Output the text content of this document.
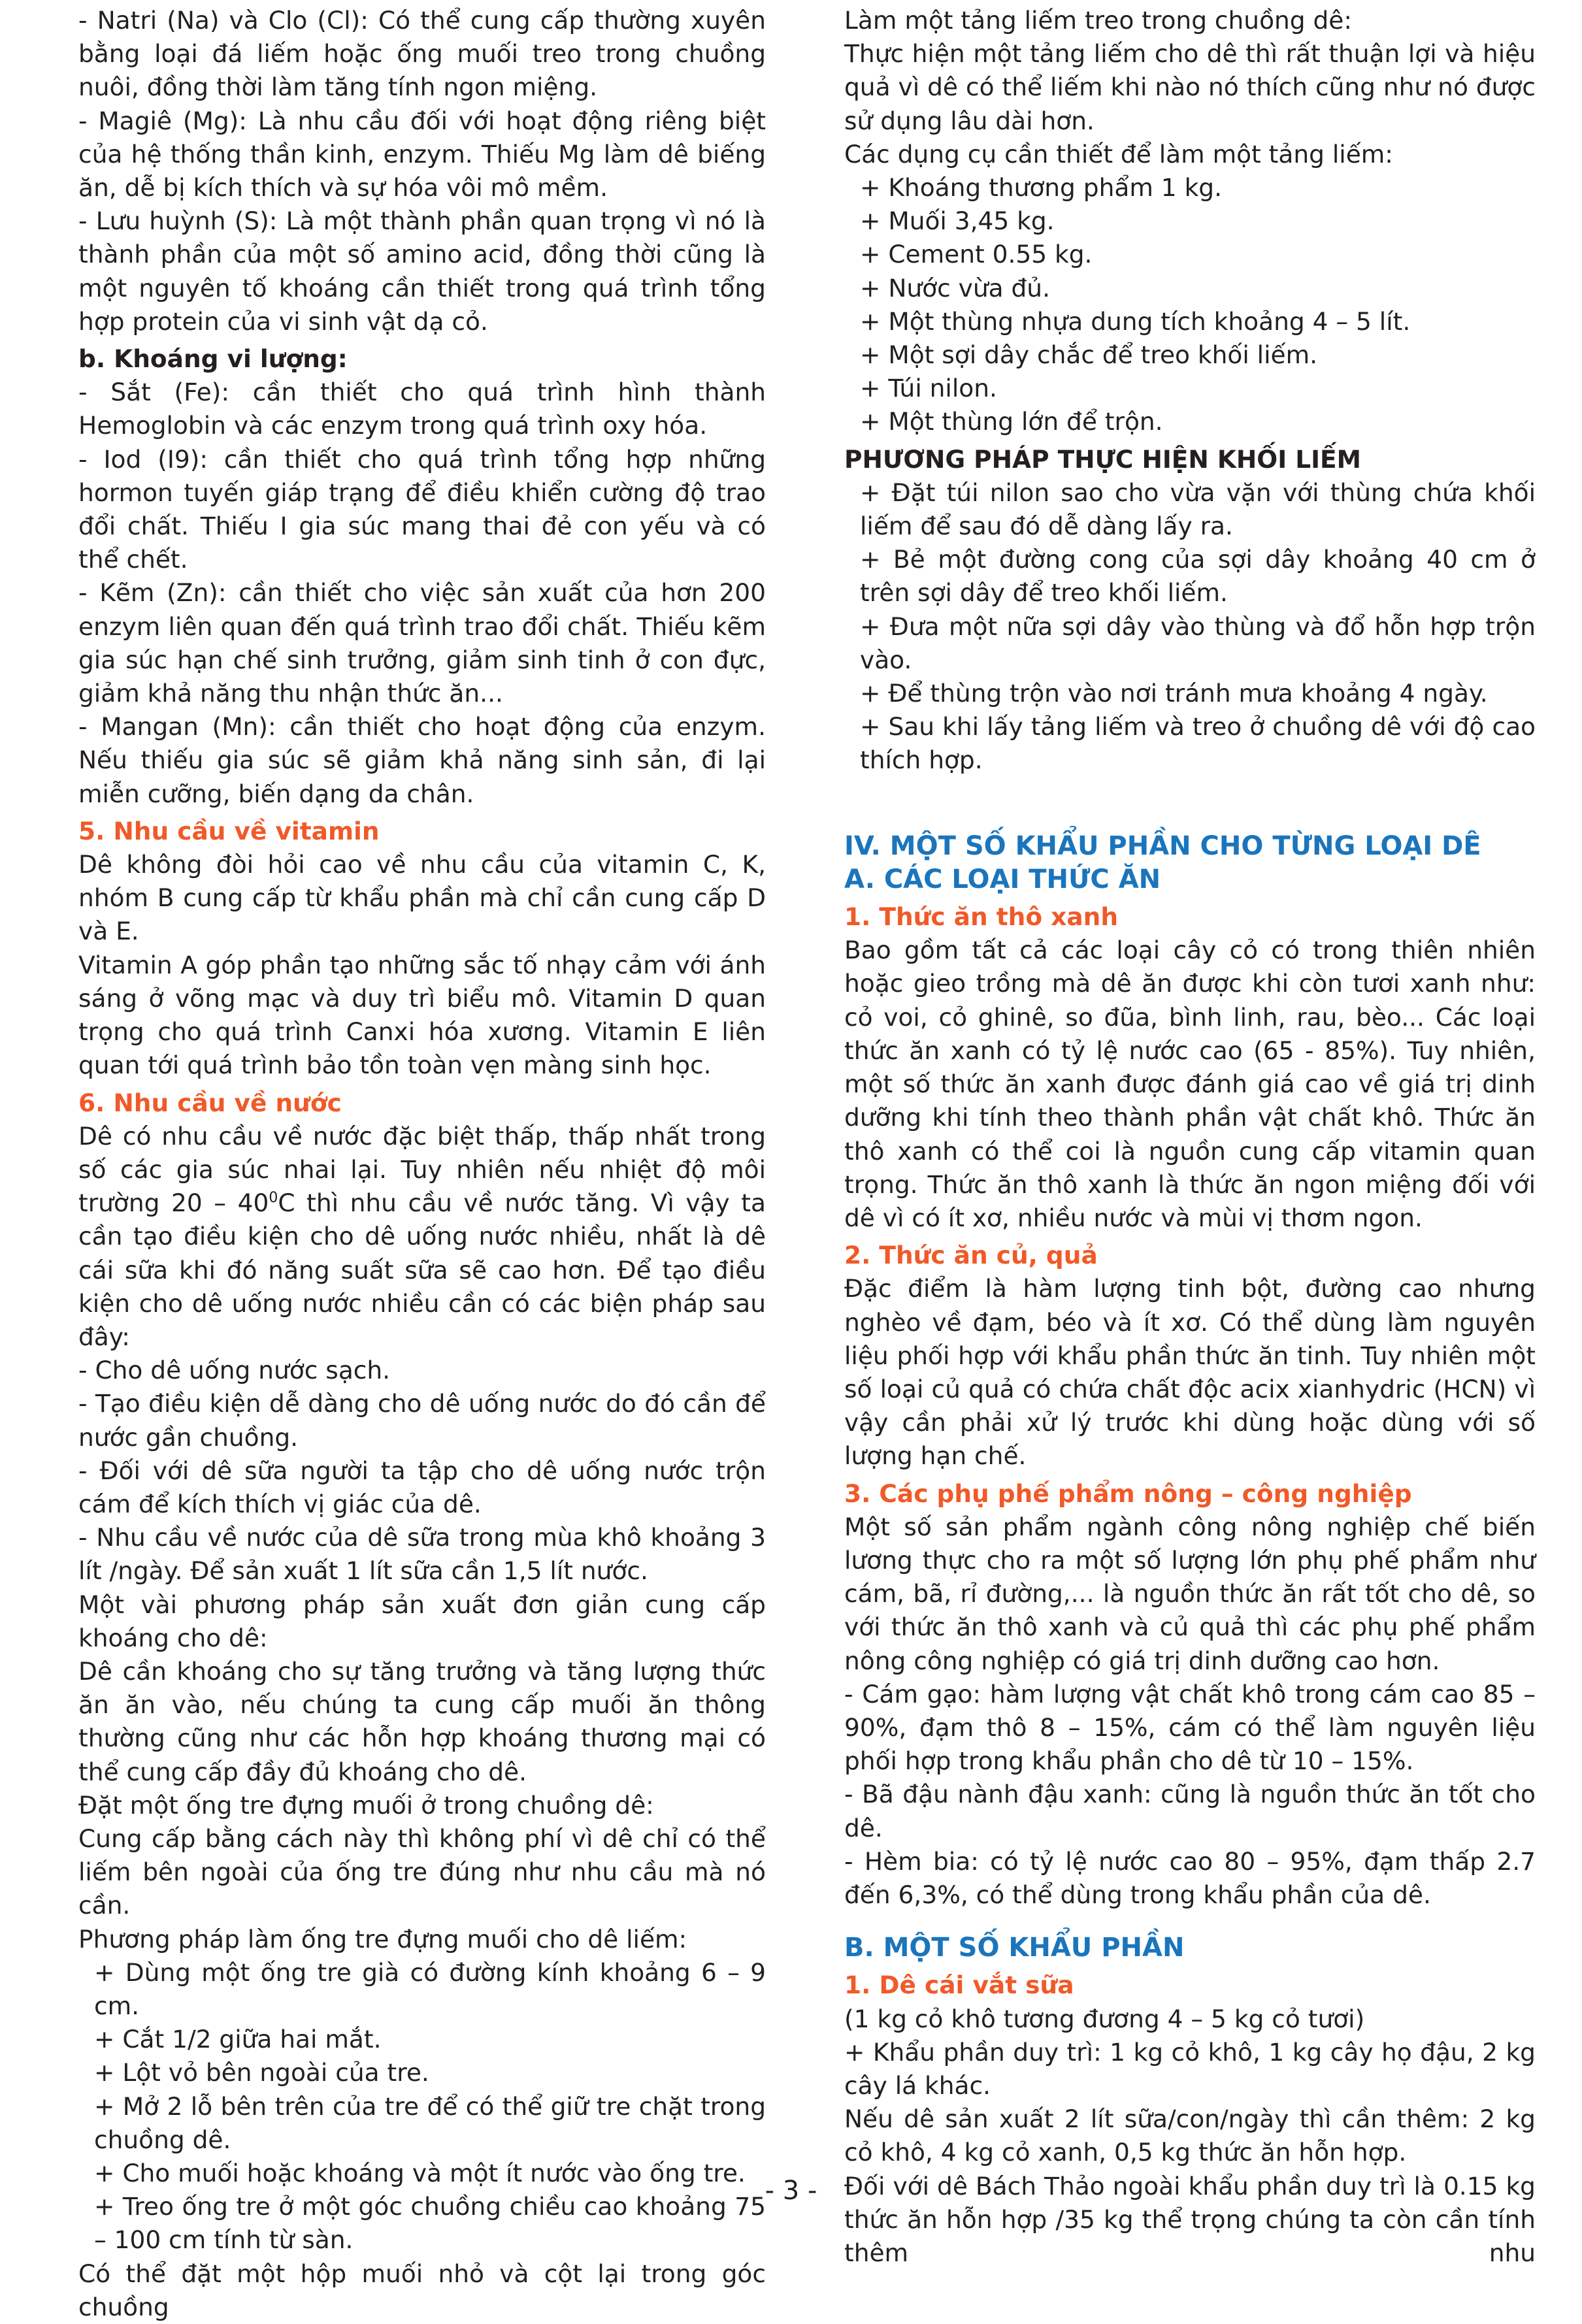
- Natri (Na) và Clo (Cl): Có thể cung cấp thường xuyên bằng loại đá liếm hoặc ống muối treo trong chuồng nuôi, đồng thời làm tăng tính ngon miệng.

- Magiê (Mg): Là nhu cầu đối với hoạt động riêng biệt của hệ thống thần kinh, enzym. Thiếu Mg làm dê biếng ăn, dễ bị kích thích và sự hóa vôi mô mềm.

- Lưu huỳnh (S): Là một thành phần quan trọng vì nó là thành phần của một số amino acid, đồng thời cũng là một nguyên tố khoáng cần thiết trong quá trình tổng hợp protein của vi sinh vật dạ cỏ.

b. Khoáng vi lượng:

- Sắt (Fe): cần thiết cho quá trình hình thành Hemoglobin và các enzym trong quá trình oxy hóa.

- Iod (I9): cần thiết cho quá trình tổng hợp những hormon tuyến giáp trạng để điều khiển cường độ trao đổi chất. Thiếu I gia súc mang thai đẻ con yếu và có thể chết.

- Kẽm (Zn): cần thiết cho việc sản xuất của hơn 200 enzym liên quan đến quá trình trao đổi chất. Thiếu kẽm gia súc hạn chế sinh trưởng, giảm sinh tinh ở con đực, giảm khả năng thu nhận thức ăn...

- Mangan (Mn): cần thiết cho hoạt động của enzym. Nếu thiếu gia súc sẽ giảm khả năng sinh sản, đi lại miễn cưỡng, biến dạng da chân.

5. Nhu cầu về vitamin

Dê không đòi hỏi cao về nhu cầu của vitamin C, K, nhóm B cung cấp từ khẩu phần mà chỉ cần cung cấp D và E.

Vitamin A góp phần tạo những sắc tố nhạy cảm với ánh sáng ở võng mạc và duy trì biểu mô. Vitamin D quan trọng cho quá trình Canxi hóa xương. Vitamin E liên quan tới quá trình bảo tồn toàn vẹn màng sinh học.

6. Nhu cầu về nước

Dê có nhu cầu về nước đặc biệt thấp, thấp nhất trong số các gia súc nhai lại. Tuy nhiên nếu nhiệt độ môi trường $20 - 40^0C$ thì nhu cầu về nước tăng. Vì vậy ta cần tạo điều kiện cho dê uống nước nhiều, nhất là dê cái sữa khi đó năng suất sữa sẽ cao hơn. Để tạo điều kiện cho dê uống nước nhiều cần có các biện pháp sau đây:

- Cho dê uống nước sạch.

- Tạo điều kiện dễ dàng cho dê uống nước do đó cần để nước gần chuồng.

- Đối với dê sữa người ta tập cho dê uống nước trộn cám để kích thích vị giác của dê.

- Nhu cầu về nước của dê sữa trong mùa khô khoảng 3 lít /ngày. Để sản xuất 1 lít sữa cần 1,5 lít nước.

Một vài phương pháp sản xuất đơn giản cung cấp khoáng cho dê:

Dê cần khoáng cho sự tăng trưởng và tăng lượng thức ăn ăn vào, nếu chúng ta cung cấp muối ăn thông thường cũng như các hỗn hợp khoáng thương mại có thể cung cấp đầy đủ khoáng cho dê.

Đặt một ống tre đựng muối ở trong chuồng dê:

Cung cấp bằng cách này thì không phí vì dê chỉ có thể liếm bên ngoài của ống tre đúng như nhu cầu mà nó cần.

Phương pháp làm ống tre đựng muối cho dê liếm:

+ Dùng một ống tre già có đường kính khoảng 6 – 9 cm.

+ Cắt 1/2 giữa hai mắt.

+ Lột vỏ bên ngoài của tre.

+ Mở 2 lỗ bên trên của tre để có thể giữ tre chặt trong chuồng dê.

+ Cho muối hoặc khoáng và một ít nước vào ống tre.

+ Treo ống tre ở một góc chuồng chiều cao khoảng 75 – 100 cm tính từ sàn.

Có thể đặt một hộp muối nhỏ và cột lại trong góc chuồng

Làm một tảng liếm treo trong chuồng dê:

Thực hiện một tảng liếm cho dê thì rất thuận lợi và hiệu quả vì dê có thể liếm khi nào nó thích cũng như nó được sử dụng lâu dài hơn.

Các dụng cụ cần thiết để làm một tảng liếm:

+ Khoáng thương phẩm 1 kg.

+ Muối 3,45 kg.

+ Cement 0.55 kg.

+ Nước vừa đủ.

+ Một thùng nhựa dung tích khoảng 4 – 5 lít.

+ Một sợi dây chắc để treo khối liếm.

+ Túi nilon.

+ Một thùng lớn để trộn.

PHƯƠNG PHÁP THỰC HIỆN KHỐI LIẾM

+ Đặt túi nilon sao cho vừa vặn với thùng chứa khối liếm để sau đó dễ dàng lấy ra.

+ Bẻ một đường cong của sợi dây khoảng 40 cm ở trên sợi dây để treo khối liếm.

+ Đưa một nữa sợi dây vào thùng và đổ hỗn hợp trộn vào.

+ Để thùng trộn vào nơi tránh mưa khoảng 4 ngày.

+ Sau khi lấy tảng liếm và treo ở chuồng dê với độ cao thích hợp.

IV. MỘT SỐ KHẨU PHẦN CHO TỪNG LOẠI DÊ

A. CÁC LOẠI THỨC ĂN

1. Thức ăn thô xanh

Bao gồm tất cả các loại cây cỏ có trong thiên nhiên hoặc gieo trồng mà dê ăn được khi còn tươi xanh như: cỏ voi, cỏ ghinê, so đũa, bình linh, rau, bèo... Các loại thức ăn xanh có tỷ lệ nước cao (65 - 85%). Tuy nhiên, một số thức ăn xanh được đánh giá cao về giá trị dinh dưỡng khi tính theo thành phần vật chất khô. Thức ăn thô xanh có thể coi là nguồn cung cấp vitamin quan trọng. Thức ăn thô xanh là thức ăn ngon miệng đối với dê vì có ít xơ, nhiều nước và mùi vị thơm ngon.

2. Thức ăn củ, quả

Đặc điểm là hàm lượng tinh bột, đường cao nhưng nghèo về đạm, béo và ít xơ. Có thể dùng làm nguyên liệu phối hợp với khẩu phần thức ăn tinh. Tuy nhiên một số loại củ quả có chứa chất độc acix xianhydric (HCN) vì vậy cần phải xử lý trước khi dùng hoặc dùng với số lượng hạn chế.

3. Các phụ phế phẩm nông – công nghiệp

Một số sản phẩm ngành công nông nghiệp chế biến lương thực cho ra một số lượng lớn phụ phế phẩm như cám, bã, rỉ đường,... là nguồn thức ăn rất tốt cho dê, so với thức ăn thô xanh và củ quả thì các phụ phế phẩm nông công nghiệp có giá trị dinh dưỡng cao hơn.

- Cám gạo: hàm lượng vật chất khô trong cám cao 85 – 90%, đạm thô 8 – 15%, cám có thể làm nguyên liệu phối hợp trong khẩu phần cho dê từ 10 – 15%.

- Bã đậu nành đậu xanh: cũng là nguồn thức ăn tốt cho dê.

- Hèm bia: có tỷ lệ nước cao 80 – 95%, đạm thấp 2.7 đến 6,3%, có thể dùng trong khẩu phần của dê.

B. MỘT SỐ KHẨU PHẦN

1. Dê cái vắt sữa

(1 kg cỏ khô tương đương 4 – 5 kg cỏ tươi)

+ Khẩu phần duy trì: 1 kg cỏ khô, 1 kg cây họ đậu, 2 kg cây lá khác.

Nếu dê sản xuất 2 lít sữa/con/ngày thì cần thêm: 2 kg cỏ khô, 4 kg cỏ xanh, 0,5 kg thức ăn hỗn hợp.

Đối với dê Bách Thảo ngoài khẩu phần duy trì là 0.15 kg thức ăn hỗn hợp /35 kg thể trọng chúng ta còn cần tính thêm nhu

- 3 -
